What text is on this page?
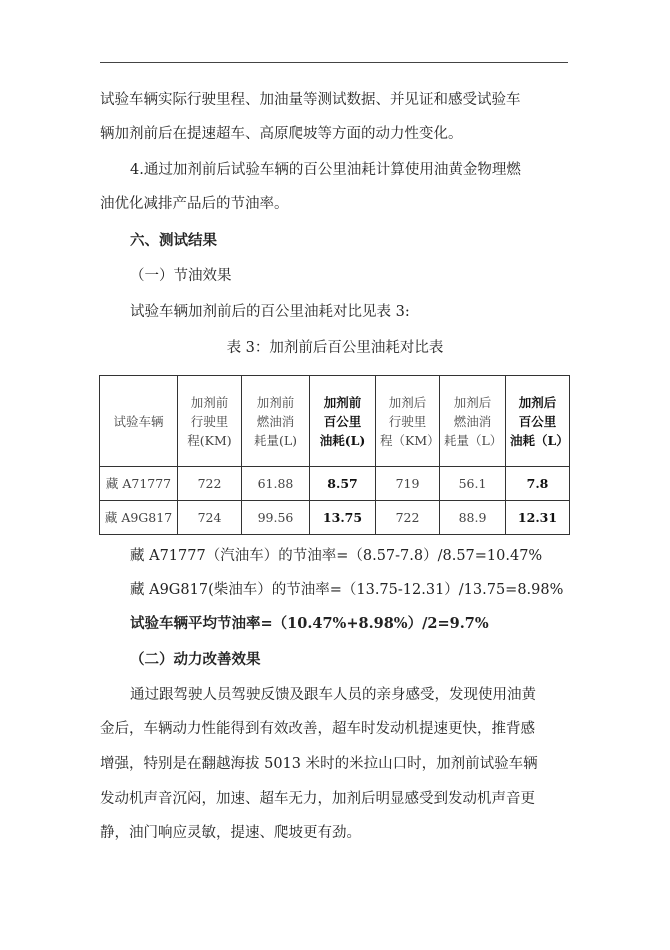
试验车辆实际行驶里程、加油量等测试数据、并见证和感受试验车
辆加剂前后在提速超车、高原爬坡等方面的动力性变化。
4.通过加剂前后试验车辆的百公里油耗计算使用油黄金物理燃
油优化减排产品后的节油率。
六、测试结果
（一）节油效果
试验车辆加剂前后的百公里油耗对比见表 3:
表 3：加剂前后百公里油耗对比表
试验车辆	加剂前
行驶里
程(KM)	加剂前
燃油消
耗量(L)	加剂前
百公里
油耗(L)	加剂后
行驶里
程（KM）	加剂后
燃油消
耗量（L）	加剂后
百公里
油耗（L）
藏 A71777	722	61.88	8.57	719	56.1	7.8
藏 A9G817	724	99.56	13.75	722	88.9	12.31
藏 A71777（汽油车）的节油率=（8.57-7.8）/8.57=10.47%
藏 A9G817(柴油车）的节油率=（13.75-12.31）/13.75=8.98%
试验车辆平均节油率=（10.47%+8.98%）/2=9.7%
（二）动力改善效果
通过跟驾驶人员驾驶反馈及跟车人员的亲身感受，发现使用油黄
金后，车辆动力性能得到有效改善，超车时发动机提速更快，推背感
增强，特别是在翻越海拔 5013 米时的米拉山口时，加剂前试验车辆
发动机声音沉闷，加速、超车无力，加剂后明显感受到发动机声音更
静，油门响应灵敏，提速、爬坡更有劲。
